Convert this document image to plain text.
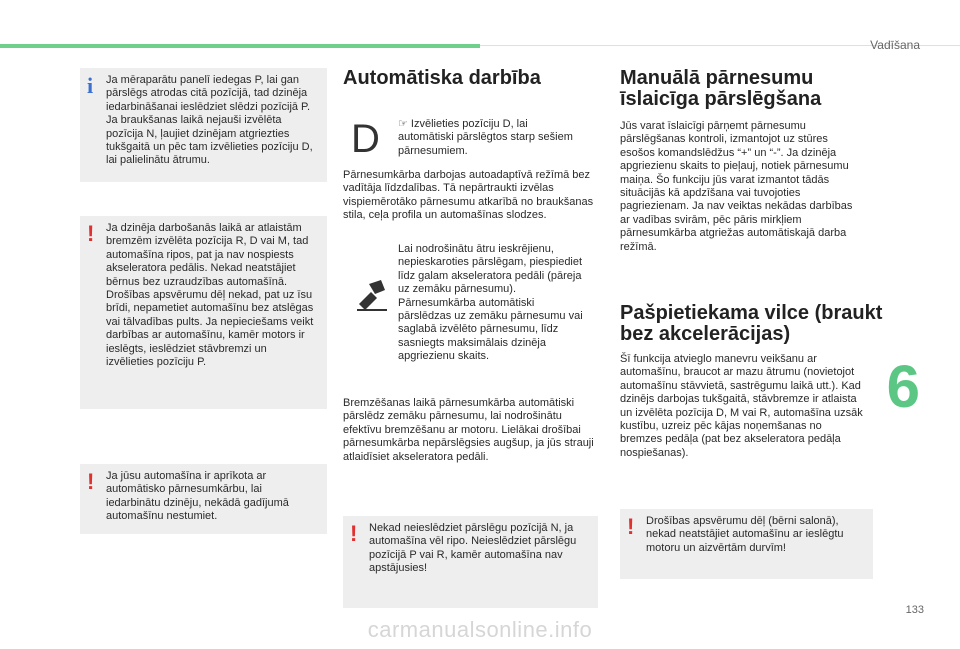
Vadīšana
6
i Ja mēraparātu panelī iedegas P, lai gan pārslēgs atrodas citā pozīcijā, tad dzinēja iedarbināšanai ieslēdziet slēdzi pozīcijā P. Ja braukšanas laikā nejauši izvēlēta pozīcija N, ļaujiet dzinējam atgriezties tukšgaitā un pēc tam izvēlieties pozīciju D, lai palielinātu ātrumu.
! Ja dzinēja darbošanās laikā ar atlaistām bremzēm izvēlēta pozīcija R, D vai M, tad automašīna ripos, pat ja nav nospiests akseleratora pedālis. Nekad neatstājiet bērnus bez uzraudzības automašīnā. Drošības apsvērumu dēļ nekad, pat uz īsu brīdi, nepametiet automašīnu bez atslēgas vai tālvadības pults. Ja nepieciešams veikt darbības ar automašīnu, kamēr motors ir ieslēgts, ieslēdziet stāvbremzi un izvēlieties pozīciju P.
! Ja jūsu automašīna ir aprīkota ar automātisko pārnesumkārbu, lai iedarbinātu dzinēju, nekādā gadījumā automašīnu nestumiet.
Automātiska darbība
D ☞ Izvēlieties pozīciju D, lai automātiski pārslēgtos starp sešiem pārnesumiem.
Pārnesumkārba darbojas autoadaptīvā režīmā bez vadītāja līdzdalības. Tā nepārtraukti izvēlas vispiemērotāko pārnesumu atkarībā no braukšanas stila, ceļa profila un automašīnas slodzes.
Lai nodrošinātu ātru ieskrējienu, nepieskaroties pārslēgam, piespiediet līdz galam akseleratora pedāli (pāreja uz zemāku pārnesumu). Pārnesumkārba automātiski pārslēdzas uz zemāku pārnesumu vai saglabā izvēlēto pārnesumu, līdz sasniegts maksimālais dzinēja apgriezienu skaits.
Bremzēšanas laikā pārnesumkārba automātiski pārslēdz zemāku pārnesumu, lai nodrošinātu efektīvu bremzēšanu ar motoru. Lielākai drošībai pārnesumkārba nepārslēgsies augšup, ja jūs strauji atlaidīsiet akseleratora pedāli.
! Nekad neieslēdziet pārslēgu pozīcijā N, ja automašīna vēl ripo. Neieslēdziet pārslēgu pozīcijā P vai R, kamēr automašīna nav apstājusies!
Manuālā pārnesumu īslaicīga pārslēgšana
Jūs varat īslaicīgi pārņemt pārnesumu pārslēgšanas kontroli, izmantojot uz stūres esošos komandslēdžus “+” un “-”. Ja dzinēja apgriezienu skaits to pieļauj, notiek pārnesumu maiņa. Šo funkciju jūs varat izmantot tādās situācijās kā apdzīšana vai tuvojoties pagriezienam. Ja nav veiktas nekādas darbības ar vadības svirām, pēc pāris mirkļiem pārnesumkārba atgriežas automātiskajā darba režīmā.
Pašpietiekama vilce (braukt bez akcelerācijas)
Šī funkcija atvieglo manevru veikšanu ar automašīnu, braucot ar mazu ātrumu (novietojot automašīnu stāvvietā, sastrēgumu laikā utt.). Kad dzinējs darbojas tukšgaitā, stāvbremze ir atlaista un izvēlēta pozīcija D, M vai R, automašīna uzsāk kustību, uzreiz pēc kājas noņemšanas no bremzes pedāļa (pat bez akseleratora pedāļa nospiešanas).
! Drošības apsvērumu dēļ (bērni salonā), nekad neatstājiet automašīnu ar ieslēgtu motoru un aizvērtām durvīm!
133
carmanualsonline.info
